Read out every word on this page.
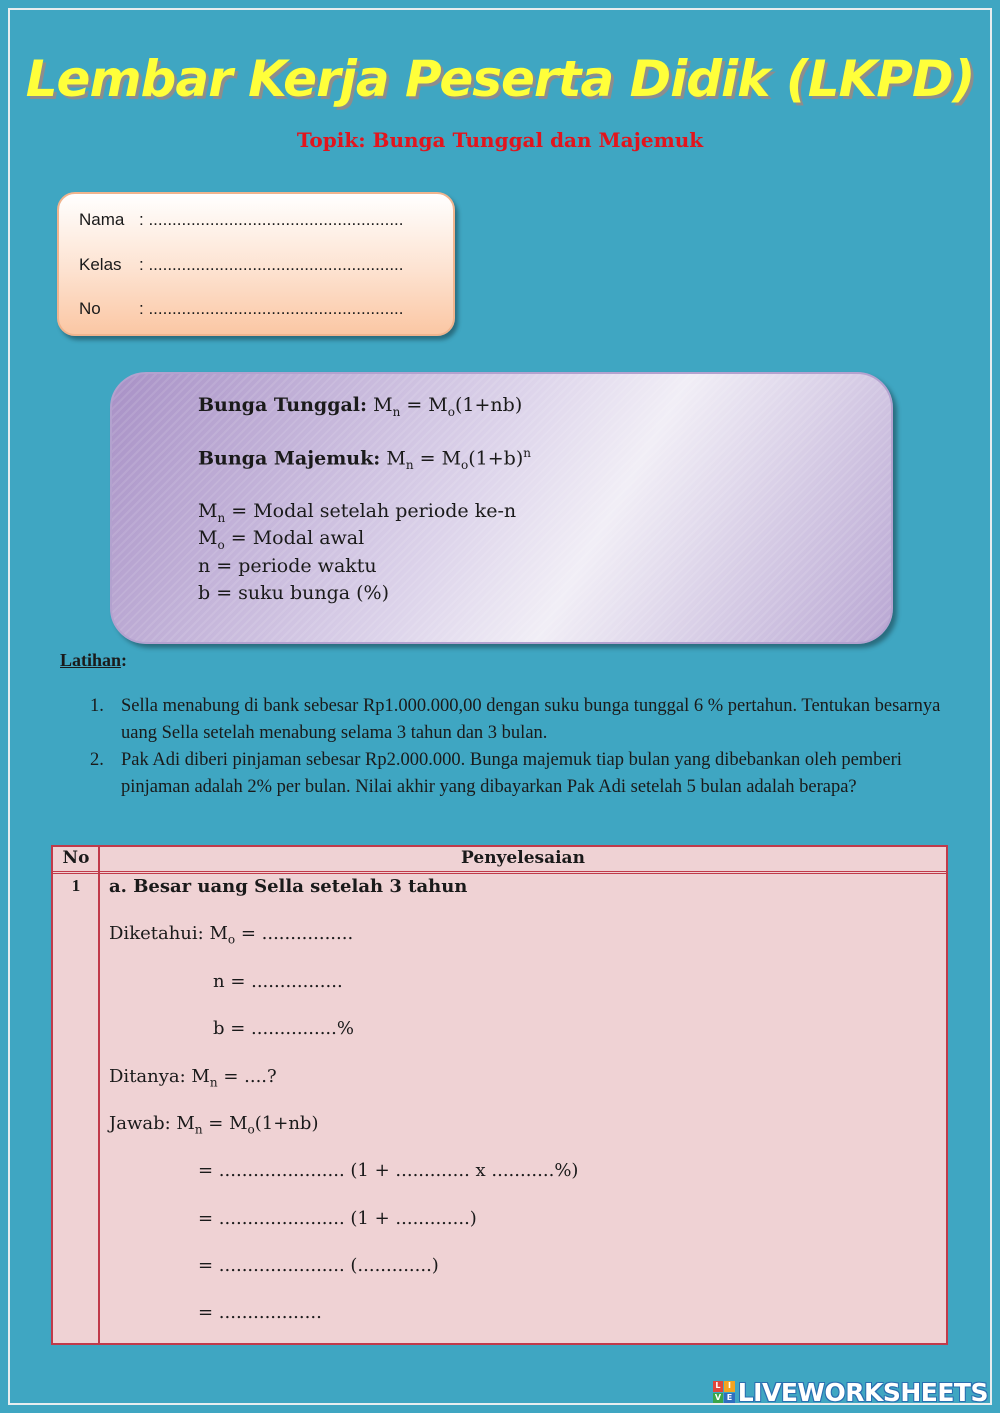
Lembar Kerja Peserta Didik (LKPD)
Topik: Bunga Tunggal dan Majemuk
Nama : ......................................................
Kelas : ......................................................
No : ......................................................
Bunga Tunggal: $M_n = M_o(1+nb)$
Bunga Majemuk: $M_n = M_o(1+b)^n$
$M_n$ = Modal setelah periode ke-n
$M_o$ = Modal awal
n = periode waktu
b = suku bunga (%)
Latihan:
1. Sella menabung di bank sebesar Rp1.000.000,00 dengan suku bunga tunggal 6 % pertahun. Tentukan besarnya uang Sella setelah menabung selama 3 tahun dan 3 bulan.
2. Pak Adi diberi pinjaman sebesar Rp2.000.000. Bunga majemuk tiap bulan yang dibebankan oleh pemberi pinjaman adalah 2% per bulan. Nilai akhir yang dibayarkan Pak Adi setelah 5 bulan adalah berapa?
No	Penyelesaian
1	a. Besar uang Sella setelah 3 tahun
Diketahui: $M_o$ = ................
n = ................
b = ...............%
Ditanya: $M_n$ = ....?
Jawab: $M_n = M_o(1+nb)$
= ...................... (1 + ............. x ...........%)
= ...................... (1 + .............)
= ...................... (.............)
= ..................
L I
V E LIVEWORKSHEETS
